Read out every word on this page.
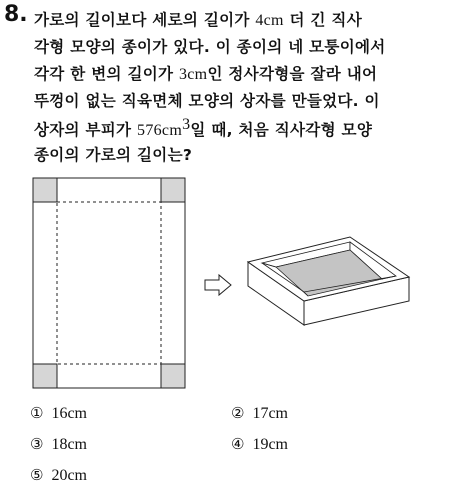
8. 가로의 길이보다 세로의 길이가 4cm 더 긴 직사
각형 모양의 종이가 있다. 이 종이의 네 모퉁이에서
각각 한 변의 길이가 3cm인 정사각형을 잘라 내어
뚜껑이 없는 직육면체 모양의 상자를 만들었다. 이
상자의 부피가 $576cm^3$일 때, 처음 직사각형 모양
종이의 가로의 길이는?
① 16cm	② 17cm
③ 18cm	④ 19cm
⑤ 20cm
